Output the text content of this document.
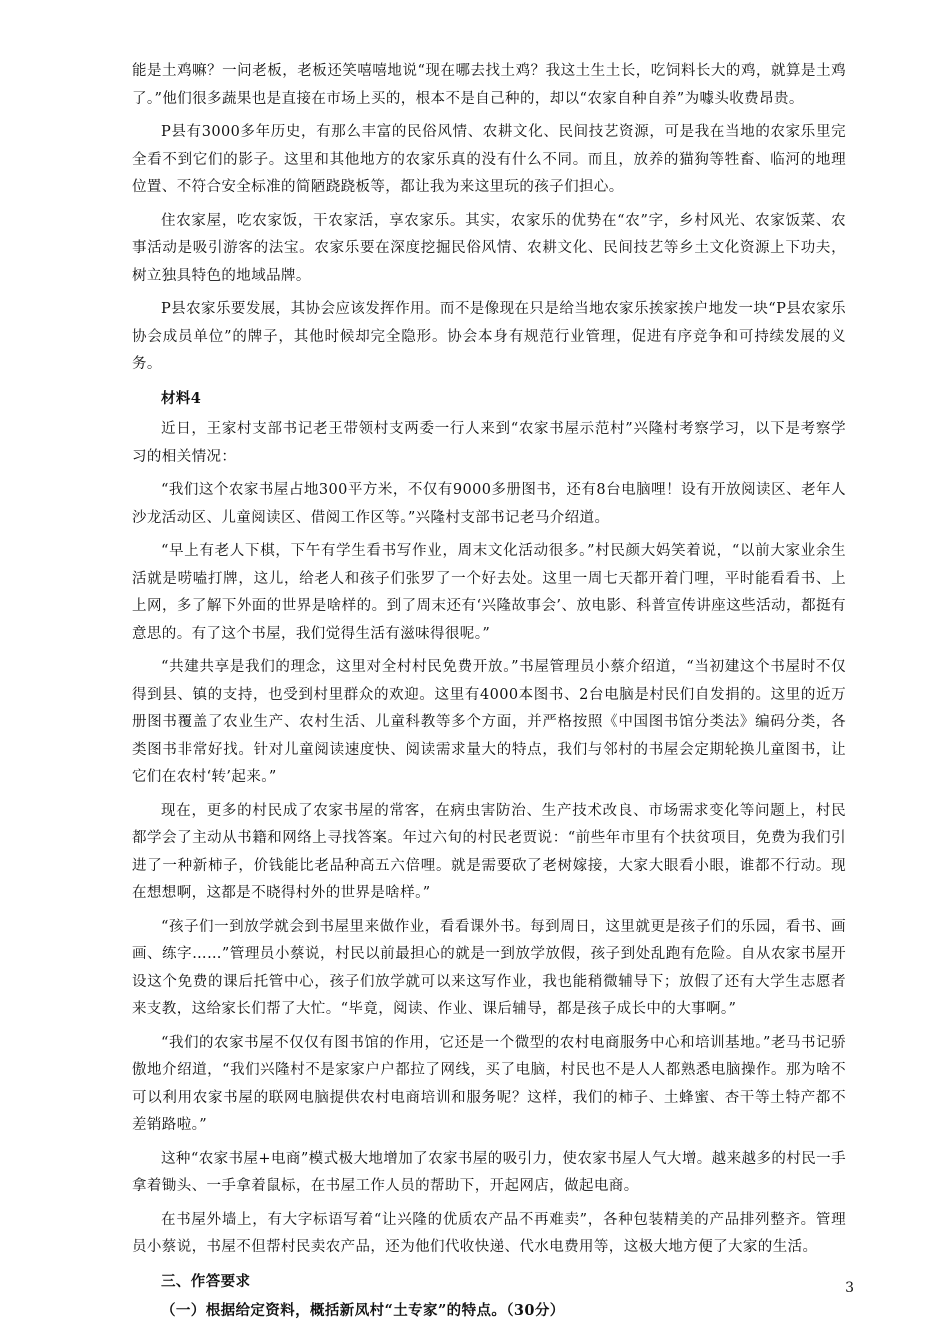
能是土鸡嘛？一问老板，老板还笑嘻嘻地说“现在哪去找土鸡？我这土生土长，吃饲料长大的鸡，就算是土鸡了。”他们很多蔬果也是直接在市场上买的，根本不是自己种的，却以“农家自种自养”为噱头收费昂贵。

P县有3000多年历史，有那么丰富的民俗风情、农耕文化、民间技艺资源，可是我在当地的农家乐里完全看不到它们的影子。这里和其他地方的农家乐真的没有什么不同。而且，放养的猫狗等牲畜、临河的地理位置、不符合安全标准的简陋跷跷板等，都让我为来这里玩的孩子们担心。

住农家屋，吃农家饭，干农家活，享农家乐。其实，农家乐的优势在“农”字，乡村风光、农家饭菜、农事活动是吸引游客的法宝。农家乐要在深度挖掘民俗风情、农耕文化、民间技艺等乡土文化资源上下功夫，树立独具特色的地域品牌。

P县农家乐要发展，其协会应该发挥作用。而不是像现在只是给当地农家乐挨家挨户地发一块“P县农家乐协会成员单位”的牌子，其他时候却完全隐形。协会本身有规范行业管理，促进有序竞争和可持续发展的义务。

材料4

近日，王家村支部书记老王带领村支两委一行人来到“农家书屋示范村”兴隆村考察学习，以下是考察学习的相关情况：

“我们这个农家书屋占地300平方米，不仅有9000多册图书，还有8台电脑哩！设有开放阅读区、老年人沙龙活动区、儿童阅读区、借阅工作区等。”兴隆村支部书记老马介绍道。

“早上有老人下棋，下午有学生看书写作业，周末文化活动很多。”村民颜大妈笑着说，“以前大家业余生活就是唠嗑打牌，这儿，给老人和孩子们张罗了一个好去处。这里一周七天都开着门哩，平时能看看书、上上网，多了解下外面的世界是啥样的。到了周末还有‘兴隆故事会’、放电影、科普宣传讲座这些活动，都挺有意思的。有了这个书屋，我们觉得生活有滋味得很呢。”

“共建共享是我们的理念，这里对全村村民免费开放。”书屋管理员小蔡介绍道，“当初建这个书屋时不仅得到县、镇的支持，也受到村里群众的欢迎。这里有4000本图书、2台电脑是村民们自发捐的。这里的近万册图书覆盖了农业生产、农村生活、儿童科教等多个方面，并严格按照《中国图书馆分类法》编码分类，各类图书非常好找。针对儿童阅读速度快、阅读需求量大的特点，我们与邻村的书屋会定期轮换儿童图书，让它们在农村‘转’起来。”

现在，更多的村民成了农家书屋的常客，在病虫害防治、生产技术改良、市场需求变化等问题上，村民都学会了主动从书籍和网络上寻找答案。年过六旬的村民老贾说：“前些年市里有个扶贫项目，免费为我们引进了一种新柿子，价钱能比老品种高五六倍哩。就是需要砍了老树嫁接，大家大眼看小眼，谁都不行动。现在想想啊，这都是不晓得村外的世界是啥样。”

“孩子们一到放学就会到书屋里来做作业，看看课外书。每到周日，这里就更是孩子们的乐园，看书、画画、练字……”管理员小蔡说，村民以前最担心的就是一到放学放假，孩子到处乱跑有危险。自从农家书屋开设这个免费的课后托管中心，孩子们放学就可以来这写作业，我也能稍微辅导下；放假了还有大学生志愿者来支教，这给家长们帮了大忙。“毕竟，阅读、作业、课后辅导，都是孩子成长中的大事啊。”

“我们的农家书屋不仅仅有图书馆的作用，它还是一个微型的农村电商服务中心和培训基地。”老马书记骄傲地介绍道，“我们兴隆村不是家家户户都拉了网线，买了电脑，村民也不是人人都熟悉电脑操作。那为啥不可以利用农家书屋的联网电脑提供农村电商培训和服务呢？这样，我们的柿子、土蜂蜜、杏干等土特产都不差销路啦。”

这种“农家书屋+电商”模式极大地增加了农家书屋的吸引力，使农家书屋人气大增。越来越多的村民一手拿着锄头、一手拿着鼠标，在书屋工作人员的帮助下，开起网店，做起电商。

在书屋外墙上，有大字标语写着“让兴隆的优质农产品不再难卖”，各种包装精美的产品排列整齐。管理员小蔡说，书屋不但帮村民卖农产品，还为他们代收快递、代水电费用等，这极大地方便了大家的生活。

三、作答要求
（一）根据给定资料，概括新凤村“土专家”的特点。（30分）
3
